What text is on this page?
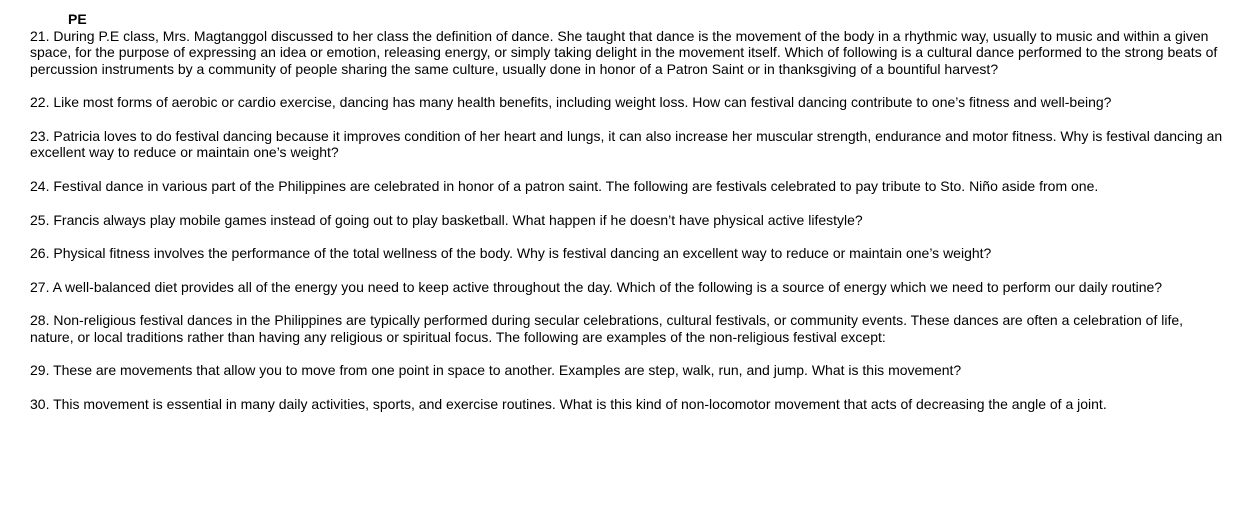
PE
21. During P.E class, Mrs. Magtanggol discussed to her class the definition of dance. She taught that dance is the movement of the body in a rhythmic way, usually to music and within a given space, for the purpose of expressing an idea or emotion, releasing energy, or simply taking delight in the movement itself. Which of following is a cultural dance performed to the strong beats of percussion instruments by a community of people sharing the same culture, usually done in honor of a Patron Saint or in thanksgiving of a bountiful harvest?
22. Like most forms of aerobic or cardio exercise, dancing has many health benefits, including weight loss. How can festival dancing contribute to one’s fitness and well-being?
23. Patricia loves to do festival dancing because it improves condition of her heart and lungs, it can also increase her muscular strength, endurance and motor fitness. Why is festival dancing an excellent way to reduce or maintain one’s weight?
24. Festival dance in various part of the Philippines are celebrated in honor of a patron saint. The following are festivals celebrated to pay tribute to Sto. Niño aside from one.
25. Francis always play mobile games instead of going out to play basketball. What happen if he doesn’t have physical active lifestyle?
26. Physical fitness involves the performance of the total wellness of the body. Why is festival dancing an excellent way to reduce or maintain one’s weight?
27. A well-balanced diet provides all of the energy you need to keep active throughout the day. Which of the following is a source of energy which we need to perform our daily routine?
28. Non-religious festival dances in the Philippines are typically performed during secular celebrations, cultural festivals, or community events. These dances are often a celebration of life, nature, or local traditions rather than having any religious or spiritual focus. The following are examples of the non-religious festival except:
29. These are movements that allow you to move from one point in space to another. Examples are step, walk, run, and jump. What is this movement?
30. This movement is essential in many daily activities, sports, and exercise routines. What is this kind of non-locomotor movement that acts of decreasing the angle of a joint.
